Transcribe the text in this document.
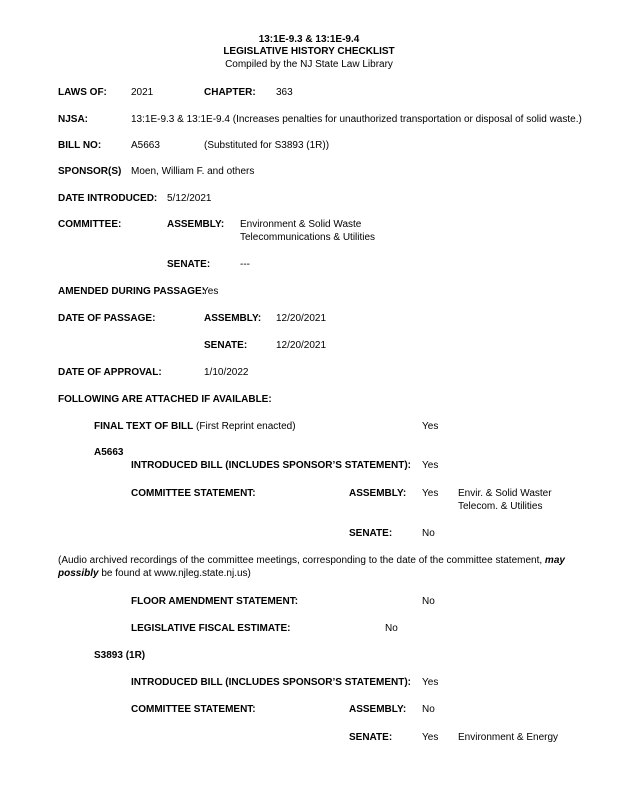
13:1E-9.3 & 13:1E-9.4
LEGISLATIVE HISTORY CHECKLIST
Compiled by the NJ State Law Library
LAWS OF: 2021	CHAPTER: 363
NJSA:	13:1E-9.3 & 13:1E-9.4 (Increases penalties for unauthorized transportation or disposal of solid waste.)
BILL NO:	A5663	(Substituted for S3893 (1R))
SPONSOR(S) Moen, William F. and others
DATE INTRODUCED: 5/12/2021
COMMITTEE:	ASSEMBLY: Environment & Solid Waste
Telecommunications & Utilities
SENATE:	---
AMENDED DURING PASSAGE:
Yes
DATE OF PASSAGE:	ASSEMBLY: 12/20/2021
SENATE:	12/20/2021
DATE OF APPROVAL:	1/10/2022
FOLLOWING ARE ATTACHED IF AVAILABLE:
FINAL TEXT OF BILL (First Reprint enacted)	Yes
A5663
INTRODUCED BILL (INCLUDES SPONSOR’S STATEMENT): Yes
COMMITTEE STATEMENT:	ASSEMBLY: Yes Envir. & Solid Waster
Telecom. & Utilities
SENATE:	No
(Audio archived recordings of the committee meetings, corresponding to the date of the committee statement, may
possibly be found at www.njleg.state.nj.us)
FLOOR AMENDMENT STATEMENT:	No
LEGISLATIVE FISCAL ESTIMATE:	No
S3893 (1R)
INTRODUCED BILL (INCLUDES SPONSOR’S STATEMENT): Yes
COMMITTEE STATEMENT:	ASSEMBLY: No
SENATE:	Yes Environment & Energy
